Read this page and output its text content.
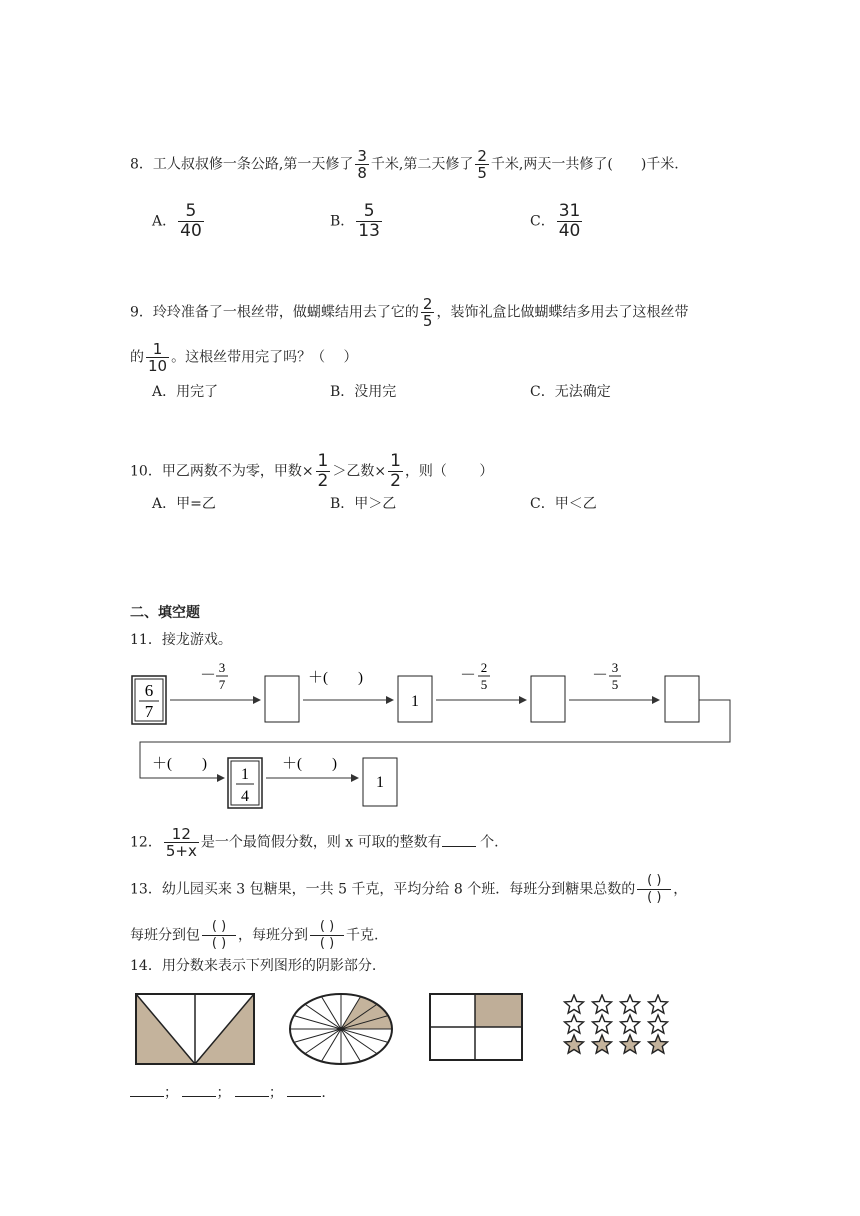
8．工人叔叔修一条公路,第一天修了 $\frac{3}{8}$ 千米,第二天修了 $\frac{2}{5}$ 千米,两天一共修了(　　)千米.
A． $\frac{5}{40}$	B． $\frac{5}{13}$	C． $\frac{31}{40}$
9．玲玲准备了一根丝带，做蝴蝶结用去了它的 $\frac{2}{5}$ ，装饰礼盒比做蝴蝶结多用去了这根丝带
的 $\frac{1}{10}$ 。这根丝带用完了吗？（　 ）
A．用完了	B．没用完	C．无法确定
10．甲乙两数不为零，甲数× $\frac{1}{2}$ ＞乙数× $\frac{1}{2}$ ，则（　　 ）
A．甲=乙	B．甲＞乙	C．甲＜乙
二、填空题
11．接龙游戏。
6
7
－ 3
7	＋(　　)
1
－ 2
5
－ 3
5
＋(　　)
1
4
＋(　　)
1
12． $\frac{12}{5+x}$ 是一个最简假分数，则 x 可取的整数有 个.
13．幼儿园买来 3 包糖果，一共 5 千克，平均分给 8 个班．每班分到糖果总数的 $\frac{( )}{( )}$ ，
每班分到包 $\frac{( )}{( )}$ ，每班分到 $\frac{( )}{( )}$ 千克.
14．用分数来表示下列图形的阴影部分.
；	；	；	.
